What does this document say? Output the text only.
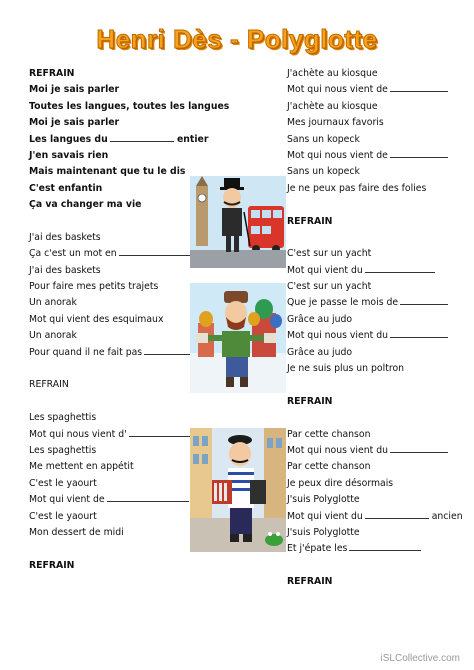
Henri Dès - Polyglotte
REFRAIN
Moi je sais parler
Toutes les langues, toutes les langues
Moi je sais parler
Les langues du	entier
J'en savais rien
Mais maintenant que tu le dis
C'est enfantin
Ça va changer ma vie
J'ai des baskets
Ça c'est un mot en
J'ai des baskets
Pour faire mes petits trajets
Un anorak
Mot qui vient des esquimaux
Un anorak
Pour quand il ne fait pas
REFRAIN
Les spaghettis
Mot qui nous vient d'
Les spaghettis
Me mettent en appétit
C'est le yaourt
Mot qui vient de
C'est le yaourt
Mon dessert de midi
REFRAIN
J'achète au kiosque
Mot qui nous vient de
J'achète au kiosque
Mes journaux favoris
Sans un kopeck
Mot qui nous vient de
Sans un kopeck
Je ne peux pas faire des folies
REFRAIN
C'est sur un yacht
Mot qui vient du
C'est sur un yacht
Que je passe le mois de
Grâce au judo
Mot qui nous vient du
Grâce au judo
Je ne suis plus un poltron
REFRAIN
Par cette chanson
Mot qui nous vient du
Par cette chanson
Je peux dire désormais
J'suis Polyglotte
Mot qui vient du	ancien
J'suis Polyglotte
Et j'épate les
REFRAIN
iSLCollective.com
